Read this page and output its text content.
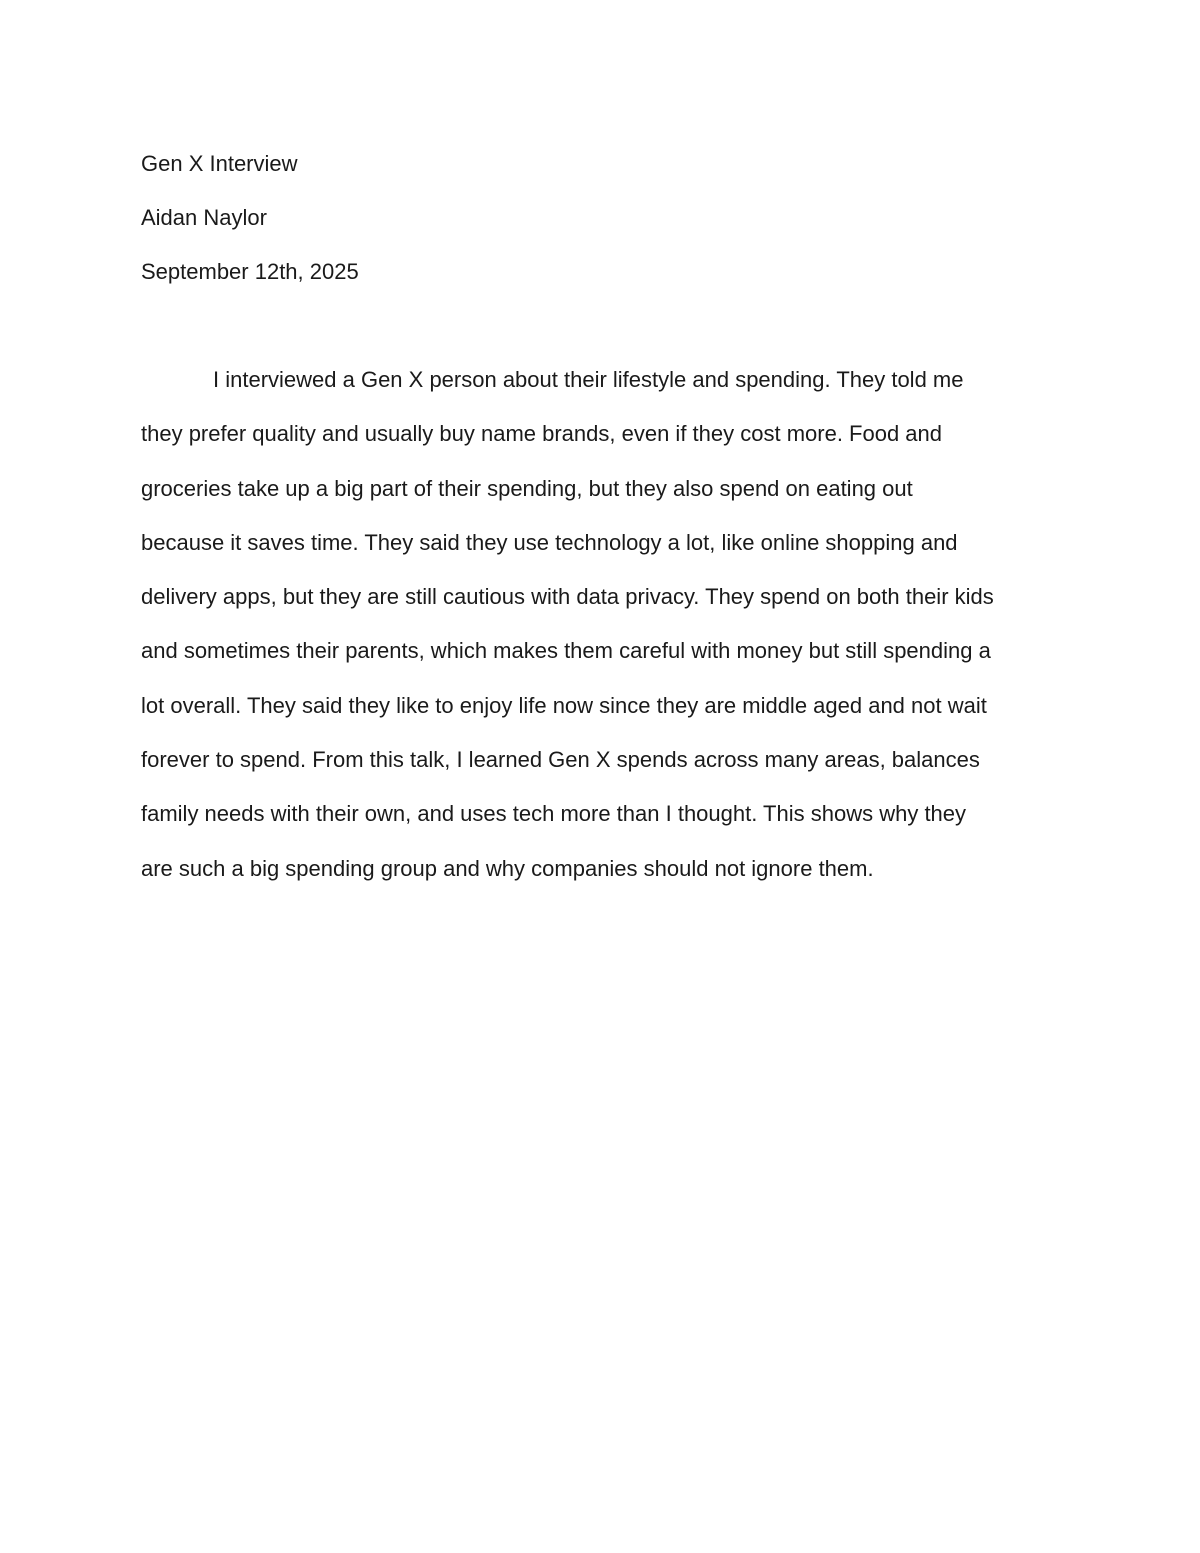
Gen X Interview
Aidan Naylor
September 12th, 2025
I interviewed a Gen X person about their lifestyle and spending. They told me
they prefer quality and usually buy name brands, even if they cost more. Food and
groceries take up a big part of their spending, but they also spend on eating out
because it saves time. They said they use technology a lot, like online shopping and
delivery apps, but they are still cautious with data privacy. They spend on both their kids
and sometimes their parents, which makes them careful with money but still spending a
lot overall. They said they like to enjoy life now since they are middle aged and not wait
forever to spend. From this talk, I learned Gen X spends across many areas, balances
family needs with their own, and uses tech more than I thought. This shows why they
are such a big spending group and why companies should not ignore them.
